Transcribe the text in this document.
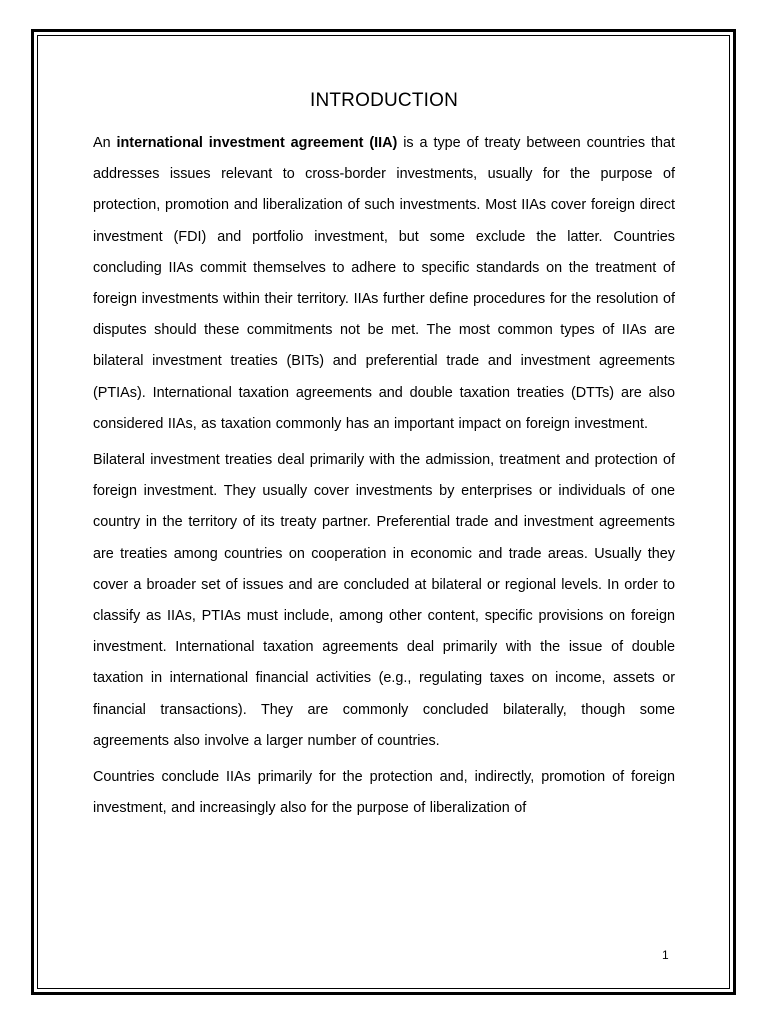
INTRODUCTION

An international investment agreement (IIA) is a type of treaty between countries that addresses issues relevant to cross-border investments, usually for the purpose of protection, promotion and liberalization of such investments. Most IIAs cover foreign direct investment (FDI) and portfolio investment, but some exclude the latter. Countries concluding IIAs commit themselves to adhere to specific standards on the treatment of foreign investments within their territory. IIAs further define procedures for the resolution of disputes should these commitments not be met. The most common types of IIAs are bilateral investment treaties (BITs) and preferential trade and investment agreements (PTIAs). International taxation agreements and double taxation treaties (DTTs) are also considered IIAs, as taxation commonly has an important impact on foreign investment.

Bilateral investment treaties deal primarily with the admission, treatment and protection of foreign investment. They usually cover investments by enterprises or individuals of one country in the territory of its treaty partner. Preferential trade and investment agreements are treaties among countries on cooperation in economic and trade areas. Usually they cover a broader set of issues and are concluded at bilateral or regional levels. In order to classify as IIAs, PTIAs must include, among other content, specific provisions on foreign investment. International taxation agreements deal primarily with the issue of double taxation in international financial activities (e.g., regulating taxes on income, assets or financial transactions). They are commonly concluded bilaterally, though some agreements also involve a larger number of countries.

Countries conclude IIAs primarily for the protection and, indirectly, promotion of foreign investment, and increasingly also for the purpose of liberalization of

1
